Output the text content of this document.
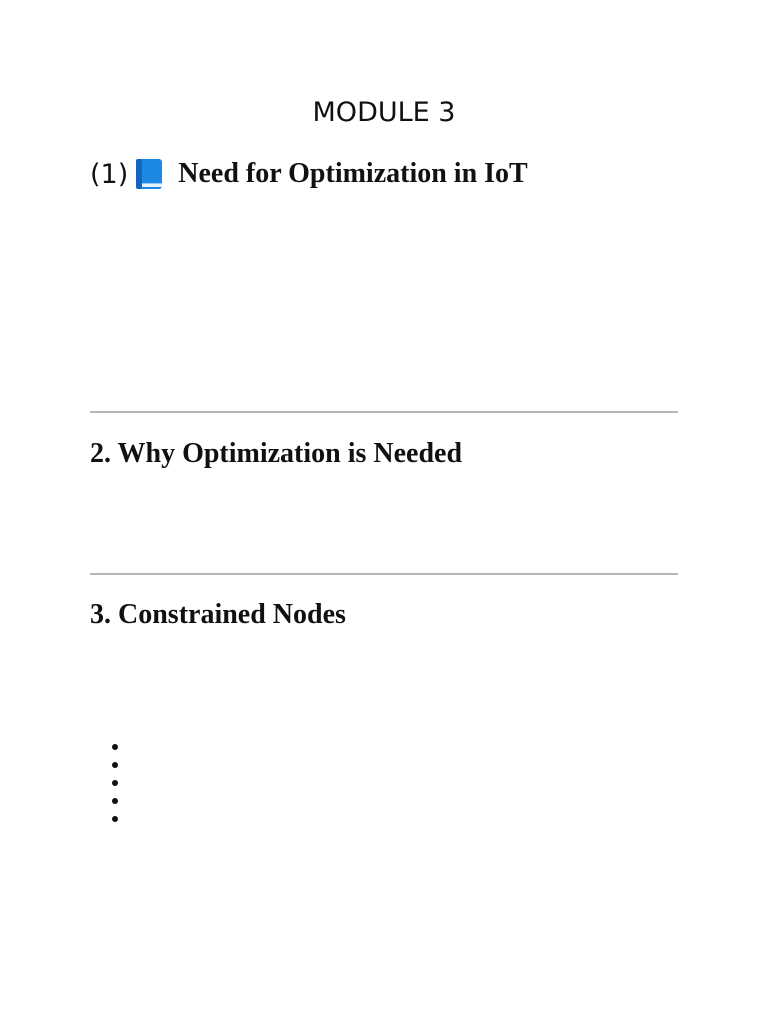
MODULE 3
(1) Need for Optimization in IoT
2. Why Optimization is Needed
3. Constrained Nodes
